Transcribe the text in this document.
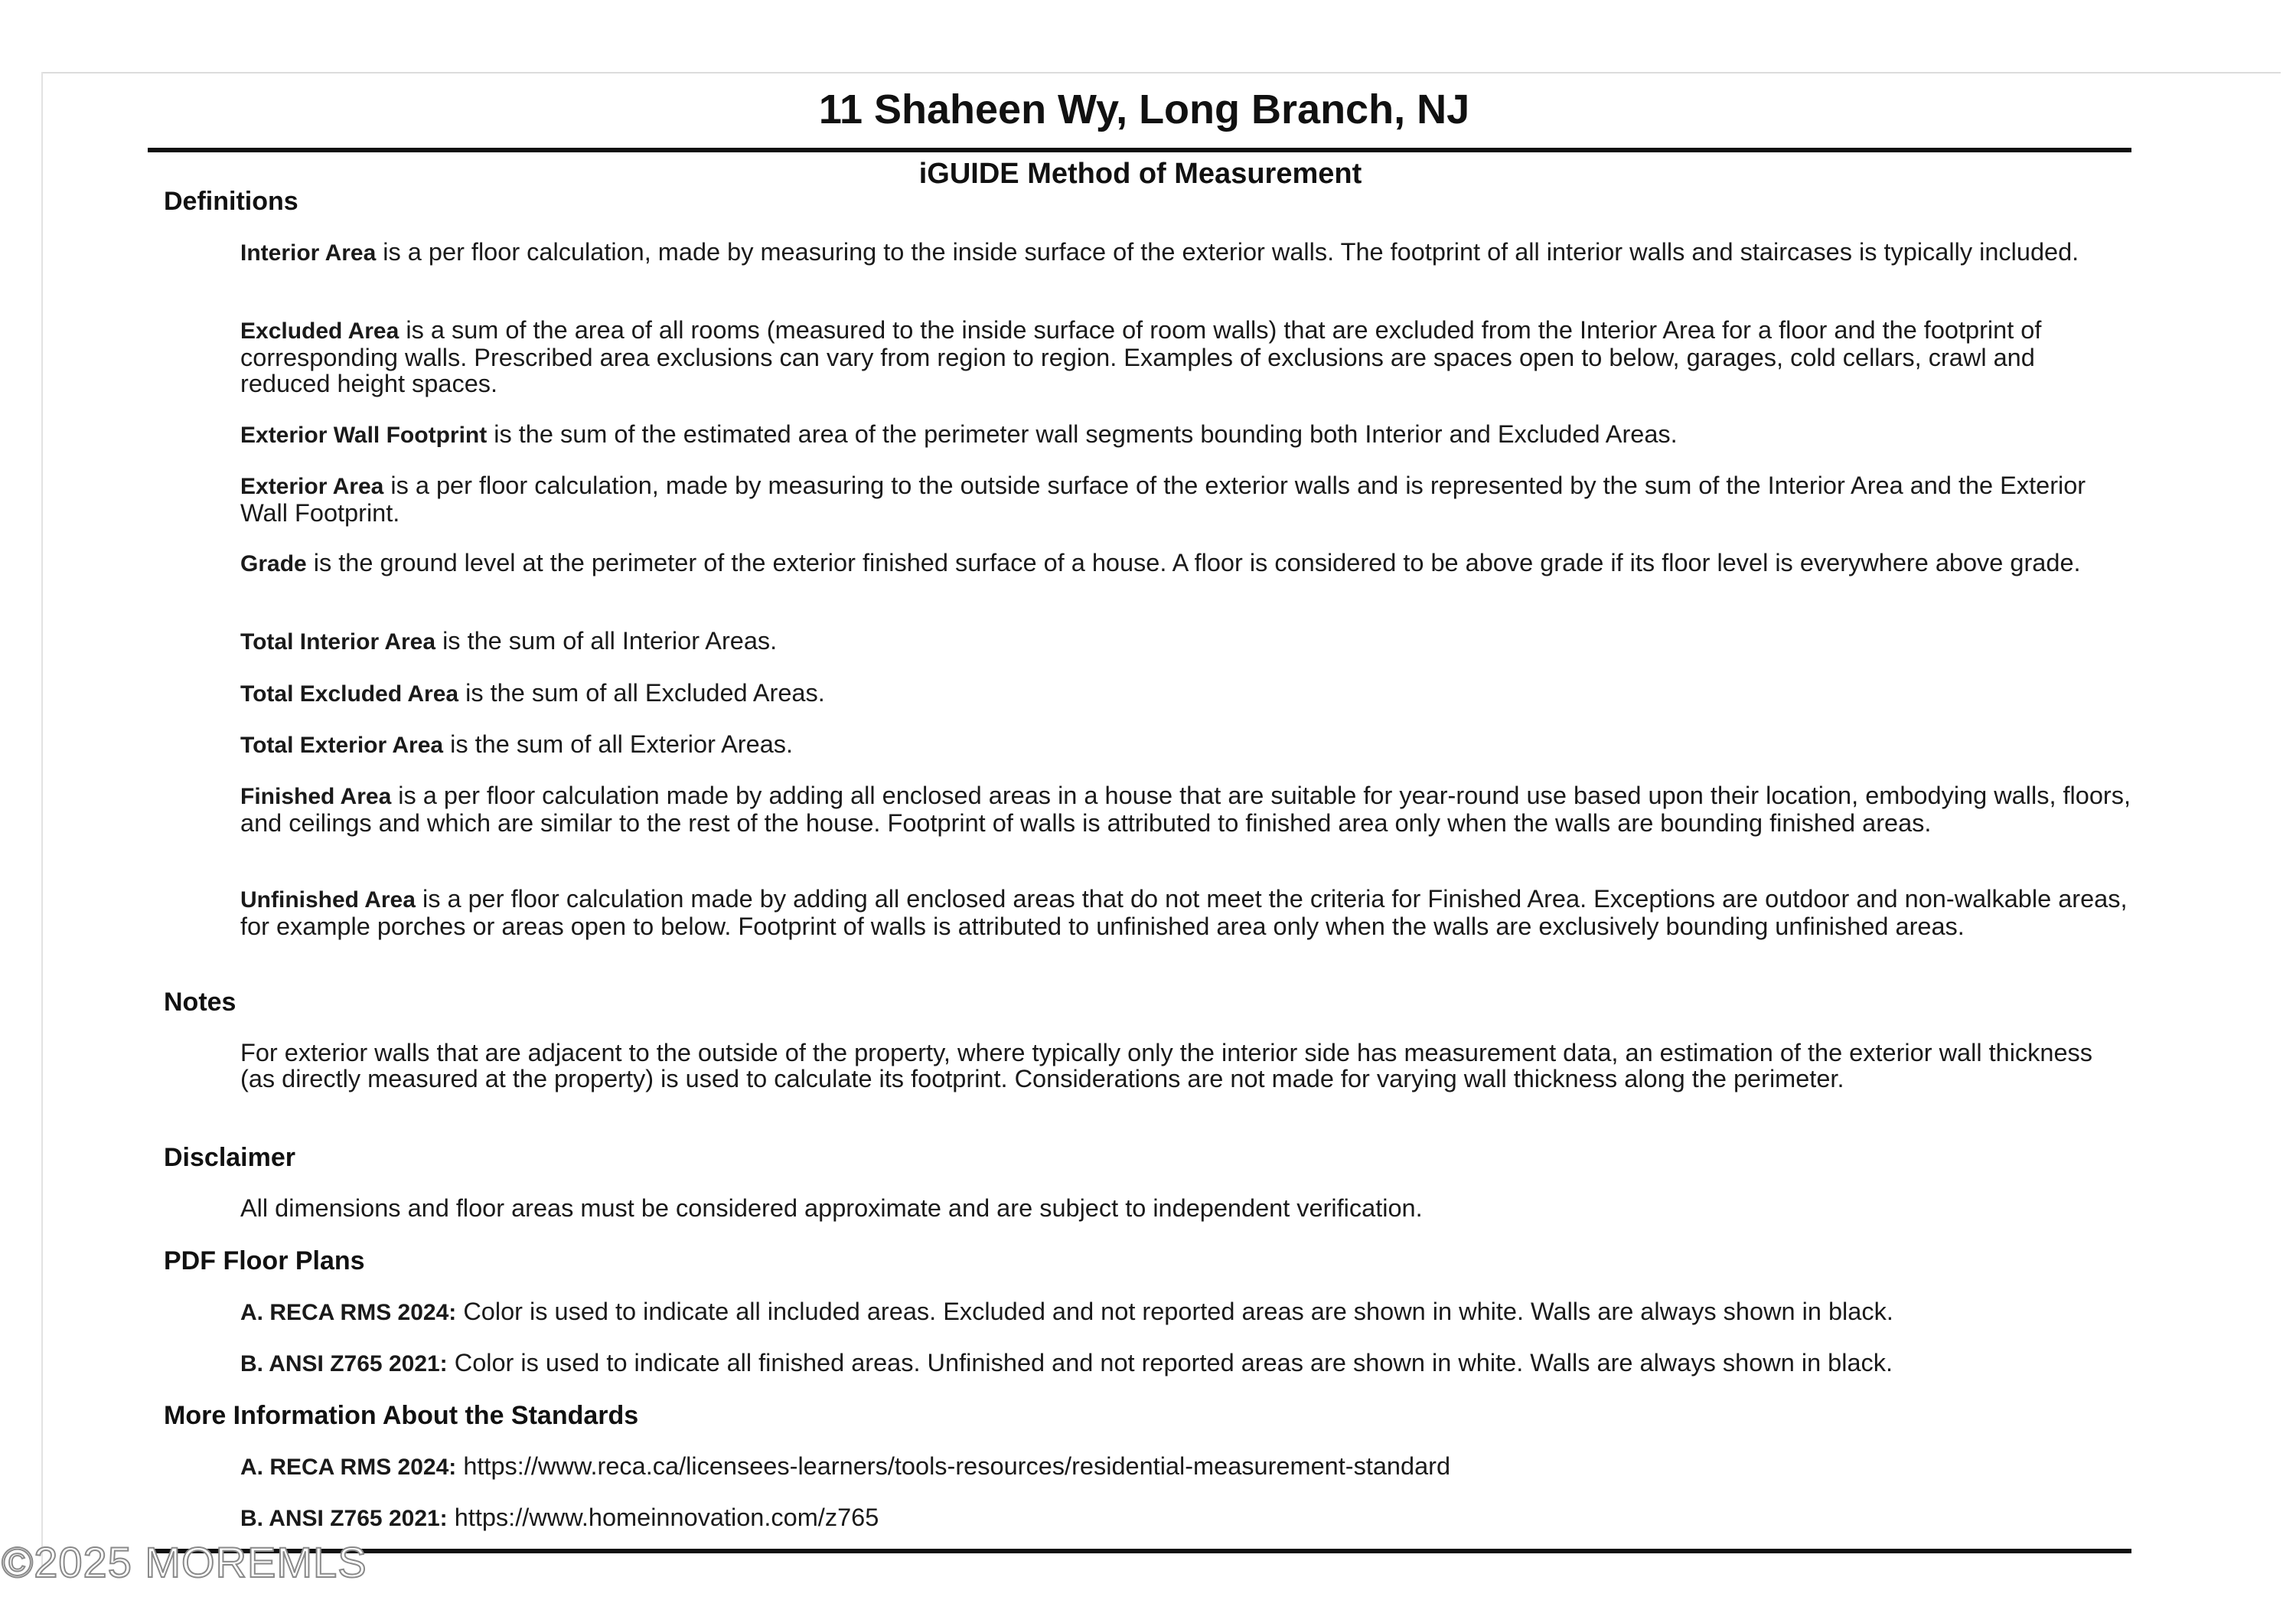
11 Shaheen Wy, Long Branch, NJ
iGUIDE Method of Measurement
Definitions
Interior Area is a per floor calculation, made by measuring to the inside surface of the exterior walls. The footprint of all interior walls and staircases is typically included.
Excluded Area is a sum of the area of all rooms (measured to the inside surface of room walls) that are excluded from the Interior Area for a floor and the footprint of corresponding walls. Prescribed area exclusions can vary from region to region. Examples of exclusions are spaces open to below, garages, cold cellars, crawl and reduced height spaces.
Exterior Wall Footprint is the sum of the estimated area of the perimeter wall segments bounding both Interior and Excluded Areas.
Exterior Area is a per floor calculation, made by measuring to the outside surface of the exterior walls and is represented by the sum of the Interior Area and the Exterior Wall Footprint.
Grade is the ground level at the perimeter of the exterior finished surface of a house. A floor is considered to be above grade if its floor level is everywhere above grade.
Total Interior Area is the sum of all Interior Areas.
Total Excluded Area is the sum of all Excluded Areas.
Total Exterior Area is the sum of all Exterior Areas.
Finished Area is a per floor calculation made by adding all enclosed areas in a house that are suitable for year-round use based upon their location, embodying walls, floors, and ceilings and which are similar to the rest of the house. Footprint of walls is attributed to finished area only when the walls are bounding finished areas.
Unfinished Area is a per floor calculation made by adding all enclosed areas that do not meet the criteria for Finished Area. Exceptions are outdoor and non-walkable areas, for example porches or areas open to below. Footprint of walls is attributed to unfinished area only when the walls are exclusively bounding unfinished areas.
Notes
For exterior walls that are adjacent to the outside of the property, where typically only the interior side has measurement data, an estimation of the exterior wall thickness (as directly measured at the property) is used to calculate its footprint. Considerations are not made for varying wall thickness along the perimeter.
Disclaimer
All dimensions and floor areas must be considered approximate and are subject to independent verification.
PDF Floor Plans
A. RECA RMS 2024: Color is used to indicate all included areas. Excluded and not reported areas are shown in white. Walls are always shown in black.
B. ANSI Z765 2021: Color is used to indicate all finished areas. Unfinished and not reported areas are shown in white. Walls are always shown in black.
More Information About the Standards
A. RECA RMS 2024: https://www.reca.ca/licensees-learners/tools-resources/residential-measurement-standard
B. ANSI Z765 2021: https://www.homeinnovation.com/z765
©2025 MOREMLS
